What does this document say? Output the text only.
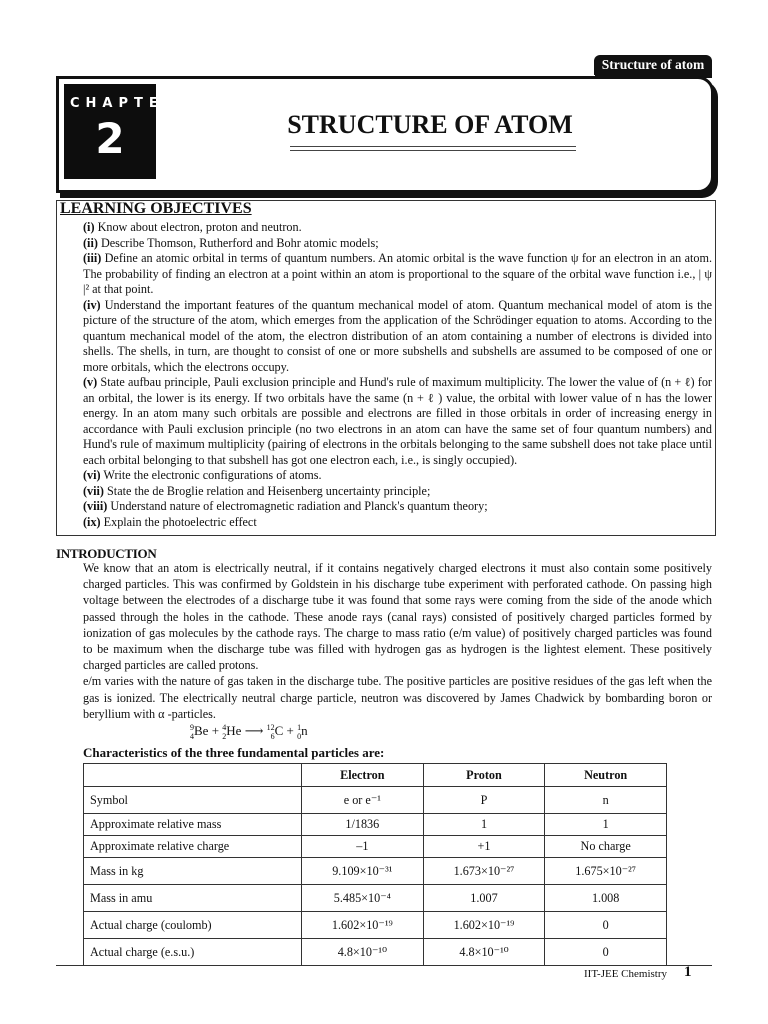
Structure of atom
CHAPTER
2	STRUCTURE OF ATOM
LEARNING OBJECTIVES

(i) Know about electron, proton and neutron.

(ii) Describe Thomson, Rutherford and Bohr atomic models;

(iii) Define an atomic orbital in terms of quantum numbers. An atomic orbital is the wave function ψ for an electron in an atom. The probability of finding an electron at a point within an atom is proportional to the square of the orbital wave function i.e., | ψ |² at that point.

(iv) Understand the important features of the quantum mechanical model of atom. Quantum mechanical model of atom is the picture of the structure of the atom, which emerges from the application of the Schrödinger equation to atoms. According to the quantum mechanical model of the atom, the electron distribution of an atom containing a number of electrons is divided into shells. The shells, in turn, are thought to consist of one or more subshells and subshells are assumed to be composed of one or more orbitals, which the electrons occupy.

(v) State aufbau principle, Pauli exclusion principle and Hund's rule of maximum multiplicity. The lower the value of (n + ℓ) for an orbital, the lower is its energy. If two orbitals have the same (n + ℓ ) value, the orbital with lower value of n has the lower energy. In an atom many such orbitals are possible and electrons are filled in those orbitals in order of increasing energy in accordance with Pauli exclusion principle (no two electrons in an atom can have the same set of four quantum numbers) and Hund's rule of maximum multiplicity (pairing of electrons in the orbitals belonging to the same subshell does not take place until each orbital belonging to that subshell has got one electron each, i.e., is singly occupied).

(vi) Write the electronic configurations of atoms.

(vii) State the de Broglie relation and Heisenberg uncertainty principle;

(viii) Understand nature of electromagnetic radiation and Planck's quantum theory;

(ix) Explain the photoelectric effect

INTRODUCTION

We know that an atom is electrically neutral, if it contains negatively charged electrons it must also contain some positively charged particles. This was confirmed by Goldstein in his discharge tube experiment with perforated cathode. On passing high voltage between the electrodes of a discharge tube it was found that some rays were coming from the side of the anode which passed through the holes in the cathode. These anode rays (canal rays) consisted of positively charged particles formed by ionization of gas molecules by the cathode rays. The charge to mass ratio (e/m value) of positively charged particles was found to be maximum when the discharge tube was filled with hydrogen gas as hydrogen is the lightest element. These positively charged particles are called protons.

e/m varies with the nature of gas taken in the discharge tube. The positive particles are positive residues of the gas left when the gas is ionized. The electrically neutral charge particle, neutron was discovered by James Chadwick by bombarding boron or beryllium with α -particles.

9
4 Be + 4
2 He ⟶ 12
6 C + 1
0 n
Characteristics of the three fundamental particles are:
	Electron	Proton	Neutron
Symbol	e or e⁻¹	P	n
Approximate relative mass	1/1836	1	1
Approximate relative charge	–1	+1	No charge
Mass in kg	9.109×10⁻³¹	1.673×10⁻²⁷	1.675×10⁻²⁷
Mass in amu	5.485×10⁻⁴	1.007	1.008
Actual charge (coulomb)	1.602×10⁻¹⁹	1.602×10⁻¹⁹	0
Actual charge (e.s.u.)	4.8×10⁻¹⁰	4.8×10⁻¹⁰	0
IIT-JEE Chemistry 1
